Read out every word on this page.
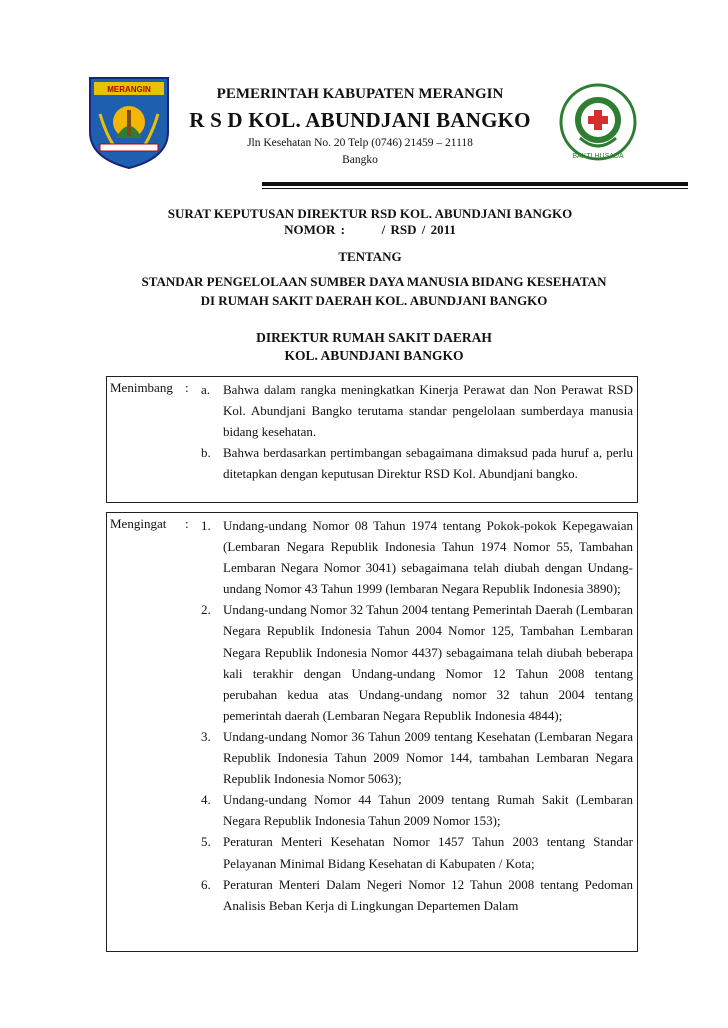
MERANGIN
BAKTI HUSADA
PEMERINTAH KABUPATEN MERANGIN
R S D KOL. ABUNDJANI BANGKO
Jln Kesehatan No. 20 Telp (0746) 21459 – 21118
Bangko
SURAT KEPUTUSAN DIREKTUR RSD KOL. ABUNDJANI BANGKO
NOMOR :       / RSD / 2011
TENTANG
STANDAR PENGELOLAAN SUMBER DAYA MANUSIA BIDANG KESEHATAN
DI RUMAH SAKIT DAERAH KOL. ABUNDJANI BANGKO
DIREKTUR RUMAH SAKIT DAERAH
KOL. ABUNDJANI BANGKO
Menimbang : a. Bahwa dalam rangka meningkatkan Kinerja Perawat dan Non Perawat RSD Kol. Abundjani Bangko terutama standar pengelolaan sumberdaya manusia bidang kesehatan.
b. Bahwa berdasarkan pertimbangan sebagaimana dimaksud pada huruf a, perlu ditetapkan dengan keputusan Direktur RSD Kol. Abundjani bangko.
Mengingat	: 1. Undang-undang Nomor 08 Tahun 1974 tentang Pokok-pokok Kepegawaian (Lembaran Negara Republik Indonesia Tahun 1974 Nomor 55, Tambahan Lembaran Negara Nomor 3041) sebagaimana telah diubah dengan Undang-undang Nomor 43 Tahun 1999 (lembaran Negara Republik Indonesia 3890);
2. Undang-undang Nomor 32 Tahun 2004 tentang Pemerintah Daerah (Lembaran Negara Republik Indonesia Tahun 2004 Nomor 125, Tambahan Lembaran Negara Republik Indonesia Nomor 4437) sebagaimana telah diubah beberapa kali terakhir dengan Undang-undang Nomor 12 Tahun 2008 tentang perubahan kedua atas Undang-undang nomor 32 tahun 2004 tentang pemerintah daerah (Lembaran Negara Republik Indonesia 4844);
3. Undang-undang Nomor 36 Tahun 2009 tentang Kesehatan (Lembaran Negara Republik Indonesia Tahun 2009 Nomor 144, tambahan Lembaran Negara Republik Indonesia Nomor 5063);
4. Undang-undang Nomor 44 Tahun 2009 tentang Rumah Sakit (Lembaran Negara Republik Indonesia Tahun 2009 Nomor 153);
5. Peraturan Menteri Kesehatan Nomor 1457 Tahun 2003 tentang Standar Pelayanan Minimal Bidang Kesehatan di Kabupaten / Kota;
6. Peraturan Menteri Dalam Negeri Nomor 12 Tahun 2008 tentang Pedoman Analisis Beban Kerja di Lingkungan Departemen Dalam
